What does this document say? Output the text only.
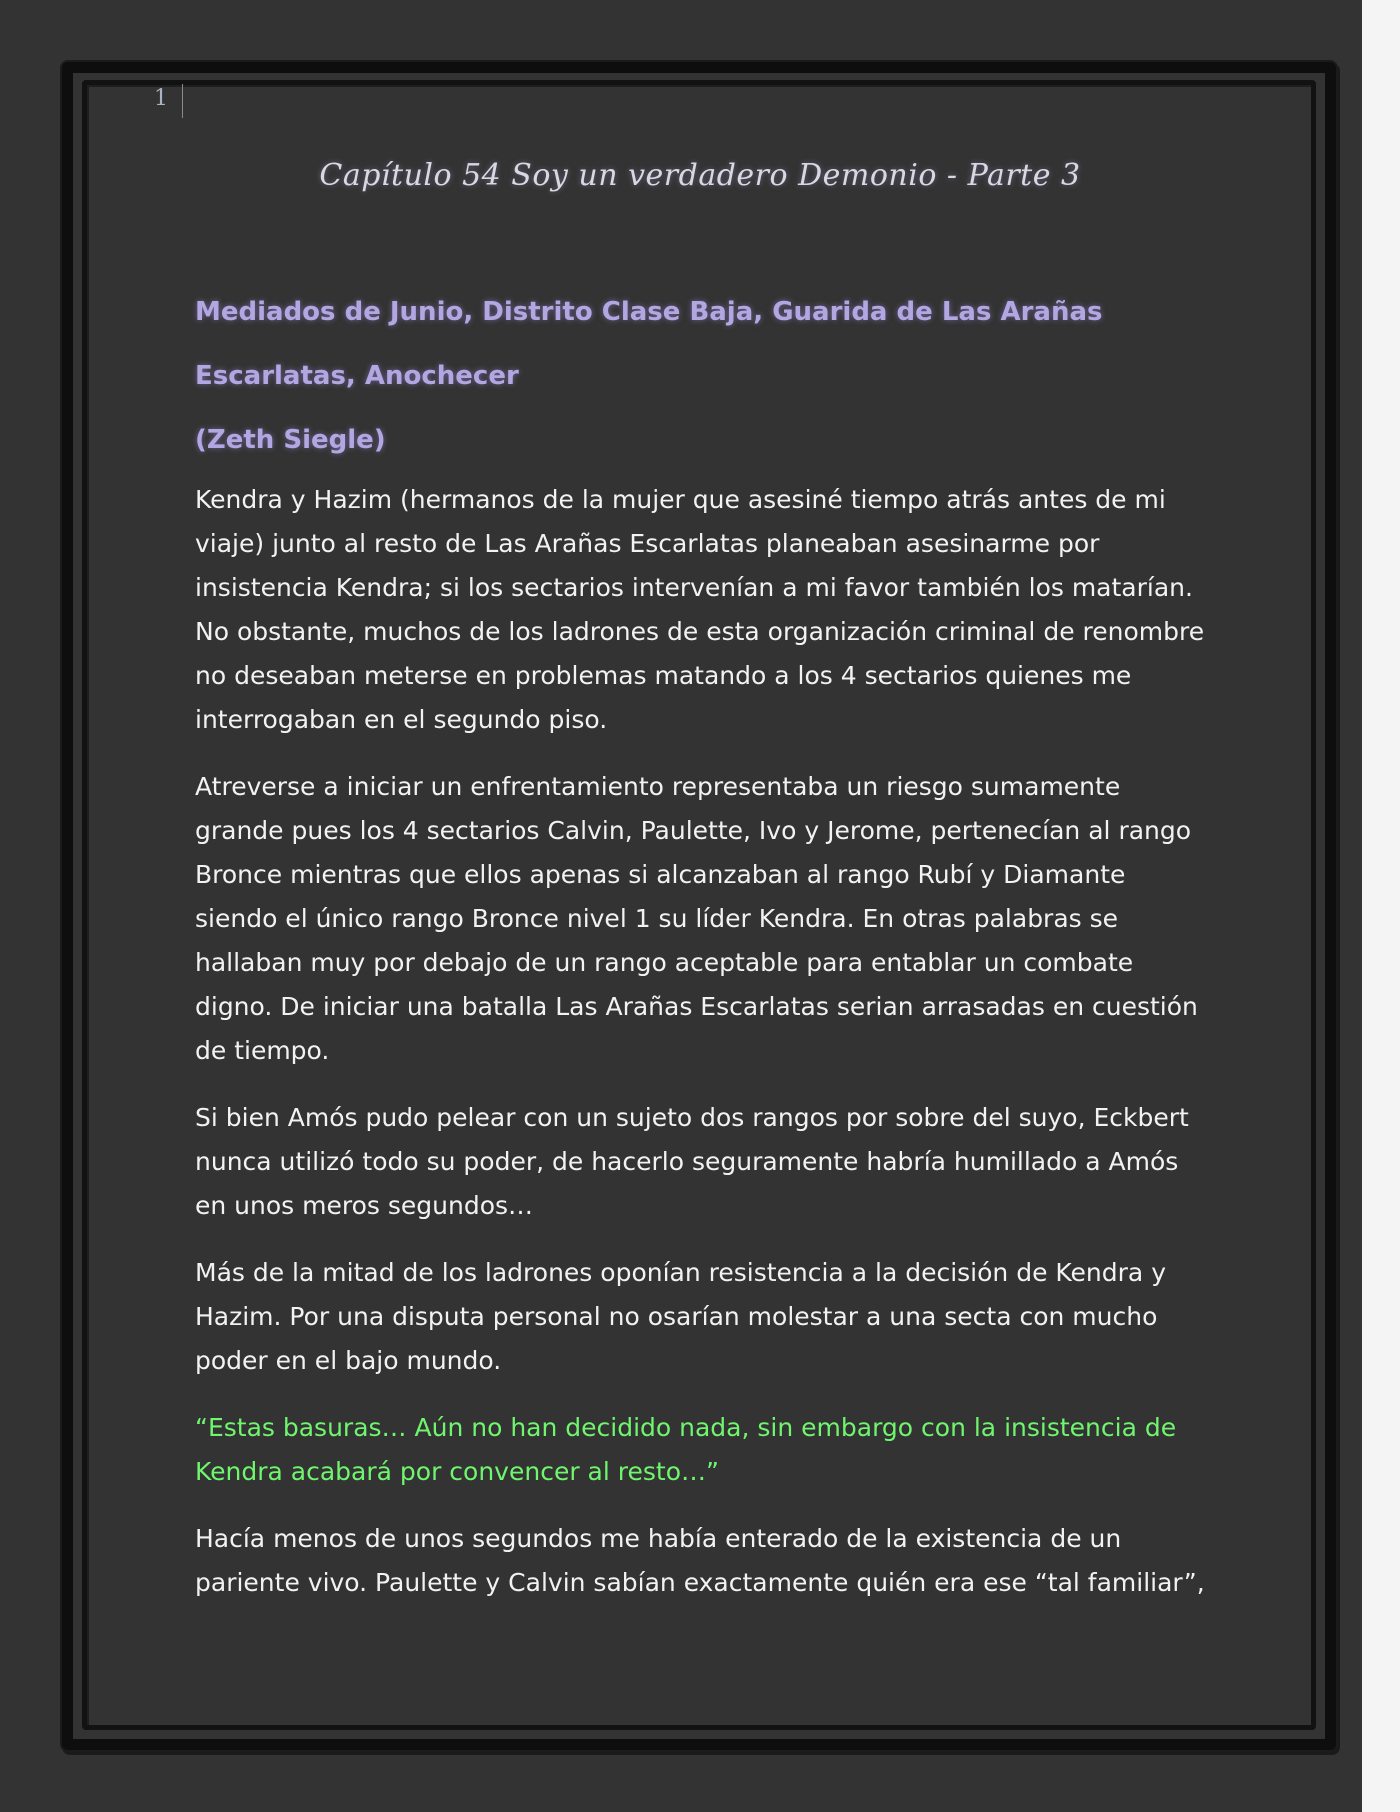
1
Capítulo 54 Soy un verdadero Demonio - Parte 3

Mediados de Junio, Distrito Clase Baja, Guarida de Las Arañas

Escarlatas, Anochecer

(Zeth Siegle)

Kendra y Hazim (hermanos de la mujer que asesiné tiempo atrás antes de mi viaje) junto al resto de Las Arañas Escarlatas planeaban asesinarme por insistencia Kendra; si los sectarios intervenían a mi favor también los matarían. No obstante, muchos de los ladrones de esta organización criminal de renombre no deseaban meterse en problemas matando a los 4 sectarios quienes me interrogaban en el segundo piso.

Atreverse a iniciar un enfrentamiento representaba un riesgo sumamente grande pues los 4 sectarios Calvin, Paulette, Ivo y Jerome, pertenecían al rango Bronce mientras que ellos apenas si alcanzaban al rango Rubí y Diamante siendo el único rango Bronce nivel 1 su líder Kendra. En otras palabras se hallaban muy por debajo de un rango aceptable para entablar un combate digno. De iniciar una batalla Las Arañas Escarlatas serian arrasadas en cuestión de tiempo.

Si bien Amós pudo pelear con un sujeto dos rangos por sobre del suyo, Eckbert nunca utilizó todo su poder, de hacerlo seguramente habría humillado a Amós en unos meros segundos…

Más de la mitad de los ladrones oponían resistencia a la decisión de Kendra y Hazim. Por una disputa personal no osarían molestar a una secta con mucho poder en el bajo mundo.

“Estas basuras… Aún no han decidido nada, sin embargo con la insistencia de Kendra acabará por convencer al resto…”

Hacía menos de unos segundos me había enterado de la existencia de un pariente vivo. Paulette y Calvin sabían exactamente quién era ese “tal familiar”,
